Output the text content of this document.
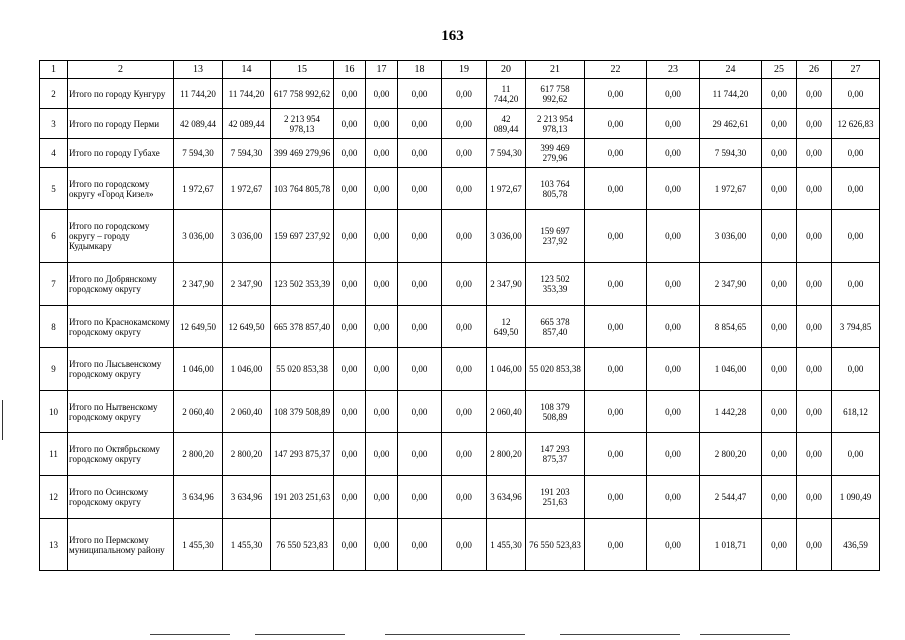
163
1	2	13	14	15	16	17	18	19	20	21	22	23	24	25	26	27
2	Итого по городу Кунгуру	11 744,20	11 744,20	617 758 992,62	0,00	0,00	0,00	0,00	11 744,20	617 758 992,62	0,00	0,00	11 744,20	0,00	0,00	0,00
3	Итого по городу Перми	42 089,44	42 089,44	2 213 954 978,13	0,00	0,00	0,00	0,00	42 089,44	2 213 954 978,13	0,00	0,00	29 462,61	0,00	0,00	12 626,83
4	Итого по городу Губахе	7 594,30	7 594,30	399 469 279,96	0,00	0,00	0,00	0,00	7 594,30	399 469 279,96	0,00	0,00	7 594,30	0,00	0,00	0,00
5	Итого по городскому округу «Город Кизел»	1 972,67	1 972,67	103 764 805,78	0,00	0,00	0,00	0,00	1 972,67	103 764 805,78	0,00	0,00	1 972,67	0,00	0,00	0,00
6	Итого по городскому округу – городу Кудымкару	3 036,00	3 036,00	159 697 237,92	0,00	0,00	0,00	0,00	3 036,00	159 697 237,92	0,00	0,00	3 036,00	0,00	0,00	0,00
7	Итого по Добрянскому городскому округу	2 347,90	2 347,90	123 502 353,39	0,00	0,00	0,00	0,00	2 347,90	123 502 353,39	0,00	0,00	2 347,90	0,00	0,00	0,00
8	Итого по Краснокамскому городскому округу	12 649,50	12 649,50	665 378 857,40	0,00	0,00	0,00	0,00	12 649,50	665 378 857,40	0,00	0,00	8 854,65	0,00	0,00	3 794,85
9	Итого по Лысьвенскому городскому округу	1 046,00	1 046,00	55 020 853,38	0,00	0,00	0,00	0,00	1 046,00	55 020 853,38	0,00	0,00	1 046,00	0,00	0,00	0,00
10	Итого по Нытвенскому городскому округу	2 060,40	2 060,40	108 379 508,89	0,00	0,00	0,00	0,00	2 060,40	108 379 508,89	0,00	0,00	1 442,28	0,00	0,00	618,12
11	Итого по Октябрьскому городскому округу	2 800,20	2 800,20	147 293 875,37	0,00	0,00	0,00	0,00	2 800,20	147 293 875,37	0,00	0,00	2 800,20	0,00	0,00	0,00
12	Итого по Осинскому городскому округу	3 634,96	3 634,96	191 203 251,63	0,00	0,00	0,00	0,00	3 634,96	191 203 251,63	0,00	0,00	2 544,47	0,00	0,00	1 090,49
13	Итого по Пермскому муниципальному району	1 455,30	1 455,30	76 550 523,83	0,00	0,00	0,00	0,00	1 455,30	76 550 523,83	0,00	0,00	1 018,71	0,00	0,00	436,59
